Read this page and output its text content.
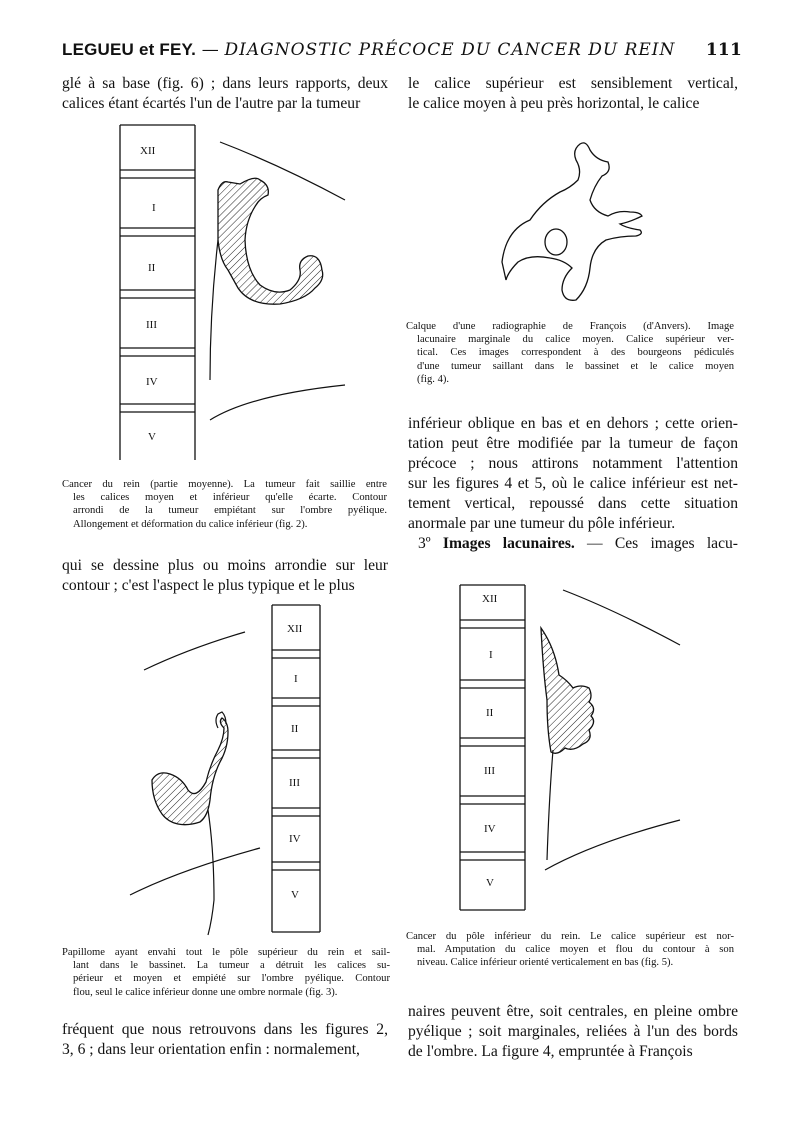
LEGUEU et FEY. — DIAGNOSTIC PRÉCOCE DU CANCER DU REIN 111
glé à sa base (fig. 6) ; dans leurs rapports, deux
calices étant écartés l'un de l'autre par la tumeur
le calice supérieur est sensiblement vertical,
le calice moyen à peu près horizontal, le calice
XII
I
II
III
IV
V
Calque d'une radiographie de François (d'Anvers). Image
lacunaire marginale du calice moyen. Calice supérieur ver-
tical. Ces images correspondent à des bourgeons pédiculés
d'une tumeur saillant dans le bassinet et le calice moyen
(fig. 4).
Cancer du rein (partie moyenne). La tumeur fait saillie entre
les calices moyen et inférieur qu'elle écarte. Contour
arrondi de la tumeur empiétant sur l'ombre pyélique.
Allongement et déformation du calice inférieur (fig. 2).
inférieur oblique en bas et en dehors ; cette orien-
tation peut être modifiée par la tumeur de façon
précoce ; nous attirons notamment l'attention
sur les figures 4 et 5, où le calice inférieur est net-
tement vertical, repoussé dans cette situation
anormale par une tumeur du pôle inférieur.
3º Images lacunaires. — Ces images lacu-
qui se dessine plus ou moins arrondie sur leur
contour ; c'est l'aspect le plus typique et le plus
XII
I
II
III
IV
V
XII
I
II
III
IV
V
Papillome ayant envahi tout le pôle supérieur du rein et sail-
lant dans le bassinet. La tumeur a détruit les calices su-
périeur et moyen et empiété sur l'ombre pyélique. Contour
flou, seul le calice inférieur donne une ombre normale (fig. 3).
Cancer du pôle inférieur du rein. Le calice supérieur est nor-
mal. Amputation du calice moyen et flou du contour à son
niveau. Calice inférieur orienté verticalement en bas (fig. 5).
fréquent que nous retrouvons dans les figures 2,
3, 6 ; dans leur orientation enfin : normalement,
naires peuvent être, soit centrales, en pleine ombre
pyélique ; soit marginales, reliées à l'un des bords
de l'ombre. La figure 4, empruntée à François
